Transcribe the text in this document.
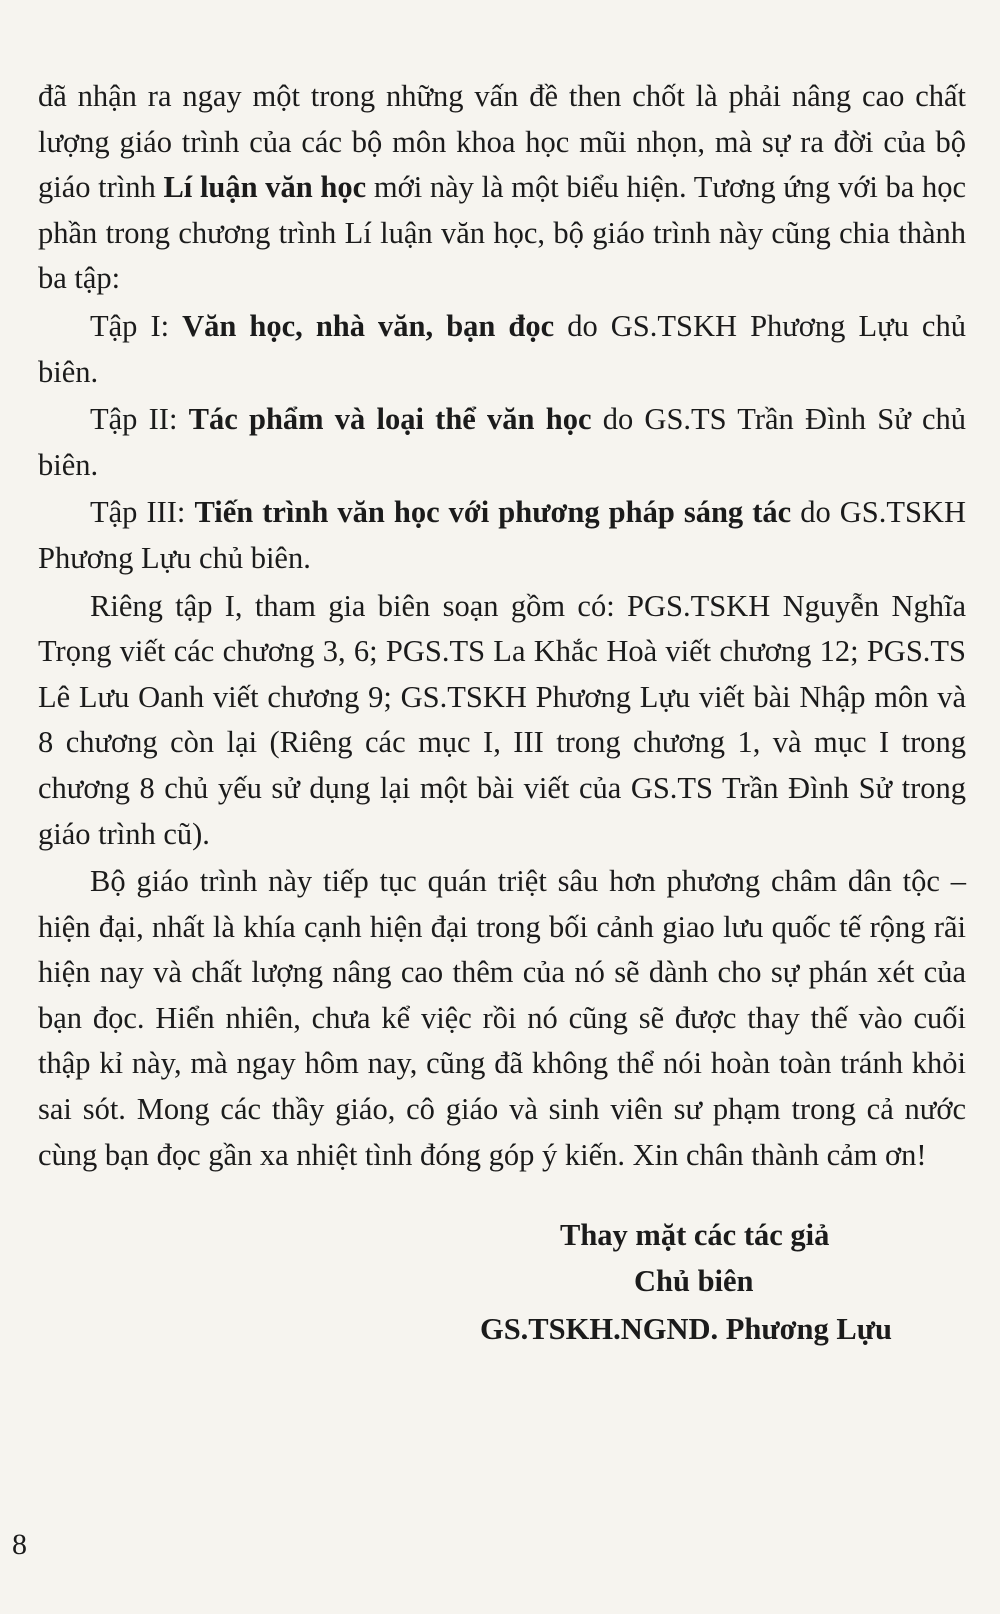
đã nhận ra ngay một trong những vấn đề then chốt là phải nâng cao chất lượng giáo trình của các bộ môn khoa học mũi nhọn, mà sự ra đời của bộ giáo trình Lí luận văn học mới này là một biểu hiện. Tương ứng với ba học phần trong chương trình Lí luận văn học, bộ giáo trình này cũng chia thành ba tập:

Tập I: Văn học, nhà văn, bạn đọc do GS.TSKH Phương Lựu chủ biên.

Tập II: Tác phẩm và loại thể văn học do GS.TS Trần Đình Sử chủ biên.

Tập III: Tiến trình văn học với phương pháp sáng tác do GS.TSKH Phương Lựu chủ biên.

Riêng tập I, tham gia biên soạn gồm có: PGS.TSKH Nguyễn Nghĩa Trọng viết các chương 3, 6; PGS.TS La Khắc Hoà viết chương 12; PGS.TS Lê Lưu Oanh viết chương 9; GS.TSKH Phương Lựu viết bài Nhập môn và 8 chương còn lại (Riêng các mục I, III trong chương 1, và mục I trong chương 8 chủ yếu sử dụng lại một bài viết của GS.TS Trần Đình Sử trong giáo trình cũ).

Bộ giáo trình này tiếp tục quán triệt sâu hơn phương châm dân tộc – hiện đại, nhất là khía cạnh hiện đại trong bối cảnh giao lưu quốc tế rộng rãi hiện nay và chất lượng nâng cao thêm của nó sẽ dành cho sự phán xét của bạn đọc. Hiển nhiên, chưa kể việc rồi nó cũng sẽ được thay thế vào cuối thập kỉ này, mà ngay hôm nay, cũng đã không thể nói hoàn toàn tránh khỏi sai sót. Mong các thầy giáo, cô giáo và sinh viên sư phạm trong cả nước cùng bạn đọc gần xa nhiệt tình đóng góp ý kiến. Xin chân thành cảm ơn!

Thay mặt các tác giả
Chủ biên
GS.TSKH.NGND. Phương Lựu
8
